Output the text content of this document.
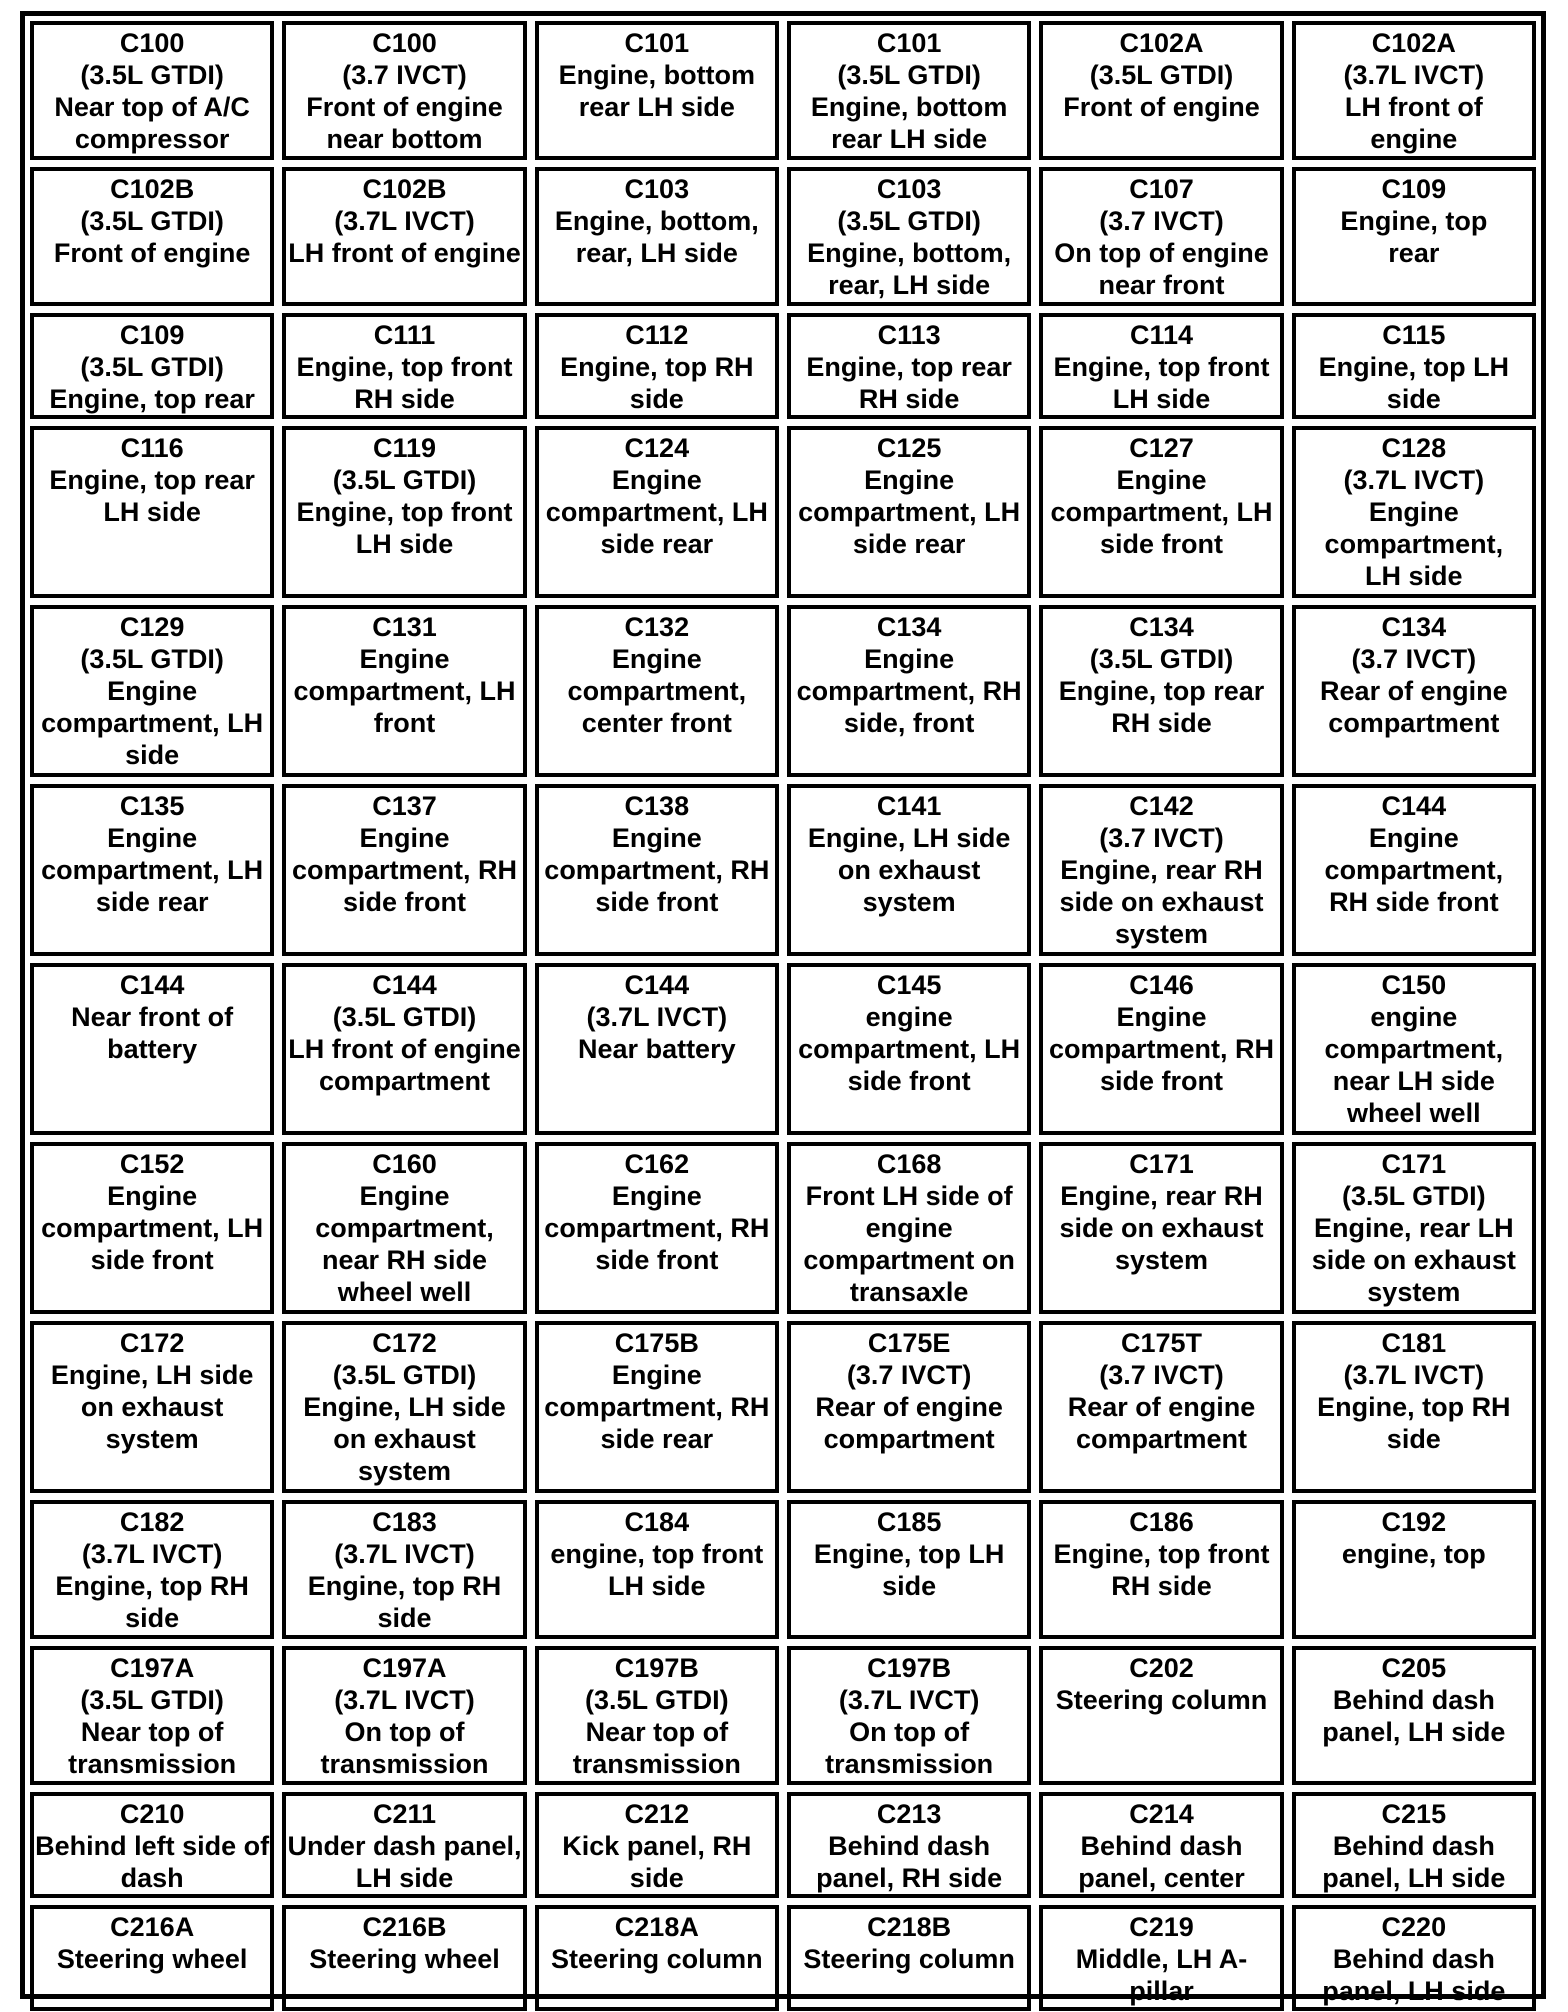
C100
(3.5L GTDI)
Near top of A/C
compressor
C100
(3.7 IVCT)
Front of engine
near bottom
C101
Engine, bottom
rear LH side
C101
(3.5L GTDI)
Engine, bottom
rear LH side
C102A
(3.5L GTDI)
Front of engine
C102A
(3.7L IVCT)
LH front of
engine
C102B
(3.5L GTDI)
Front of engine
C102B
(3.7L IVCT)
LH front of engine
C103
Engine, bottom,
rear, LH side
C103
(3.5L GTDI)
Engine, bottom,
rear, LH side
C107
(3.7 IVCT)
On top of engine
near front
C109
Engine, top
rear
C109
(3.5L GTDI)
Engine, top rear
C111
Engine, top front
RH side
C112
Engine, top RH
side
C113
Engine, top rear
RH side
C114
Engine, top front
LH side
C115
Engine, top LH
side
C116
Engine, top rear
LH side
C119
(3.5L GTDI)
Engine, top front
LH side
C124
Engine
compartment, LH
side rear
C125
Engine
compartment, LH
side rear
C127
Engine
compartment, LH
side front
C128
(3.7L IVCT)
Engine
compartment,
LH side
C129
(3.5L GTDI)
Engine
compartment, LH
side
C131
Engine
compartment, LH
front
C132
Engine
compartment,
center front
C134
Engine
compartment, RH
side, front
C134
(3.5L GTDI)
Engine, top rear
RH side
C134
(3.7 IVCT)
Rear of engine
compartment
C135
Engine
compartment, LH
side rear
C137
Engine
compartment, RH
side front
C138
Engine
compartment, RH
side front
C141
Engine, LH side
on exhaust
system
C142
(3.7 IVCT)
Engine, rear RH
side on exhaust
system
C144
Engine
compartment,
RH side front
C144
Near front of
battery
C144
(3.5L GTDI)
LH front of engine
compartment
C144
(3.7L IVCT)
Near battery
C145
engine
compartment, LH
side front
C146
Engine
compartment, RH
side front
C150
engine
compartment,
near LH side
wheel well
C152
Engine
compartment, LH
side front
C160
Engine
compartment,
near RH side
wheel well
C162
Engine
compartment, RH
side front
C168
Front LH side of
engine
compartment on
transaxle
C171
Engine, rear RH
side on exhaust
system
C171
(3.5L GTDI)
Engine, rear LH
side on exhaust
system
C172
Engine, LH side
on exhaust
system
C172
(3.5L GTDI)
Engine, LH side
on exhaust
system
C175B
Engine
compartment, RH
side rear
C175E
(3.7 IVCT)
Rear of engine
compartment
C175T
(3.7 IVCT)
Rear of engine
compartment
C181
(3.7L IVCT)
Engine, top RH
side
C182
(3.7L IVCT)
Engine, top RH
side
C183
(3.7L IVCT)
Engine, top RH
side
C184
engine, top front
LH side
C185
Engine, top LH
side
C186
Engine, top front
RH side
C192
engine, top
C197A
(3.5L GTDI)
Near top of
transmission
C197A
(3.7L IVCT)
On top of
transmission
C197B
(3.5L GTDI)
Near top of
transmission
C197B
(3.7L IVCT)
On top of
transmission
C202
Steering column
C205
Behind dash
panel, LH side
C210
Behind left side of
dash
C211
Under dash panel,
LH side
C212
Kick panel, RH
side
C213
Behind dash
panel, RH side
C214
Behind dash
panel, center
C215
Behind dash
panel, LH side
C216A
Steering wheel
C216B
Steering wheel
C218A
Steering column
C218B
Steering column
C219
Middle, LH A-
pillar
C220
Behind dash
panel, LH side
